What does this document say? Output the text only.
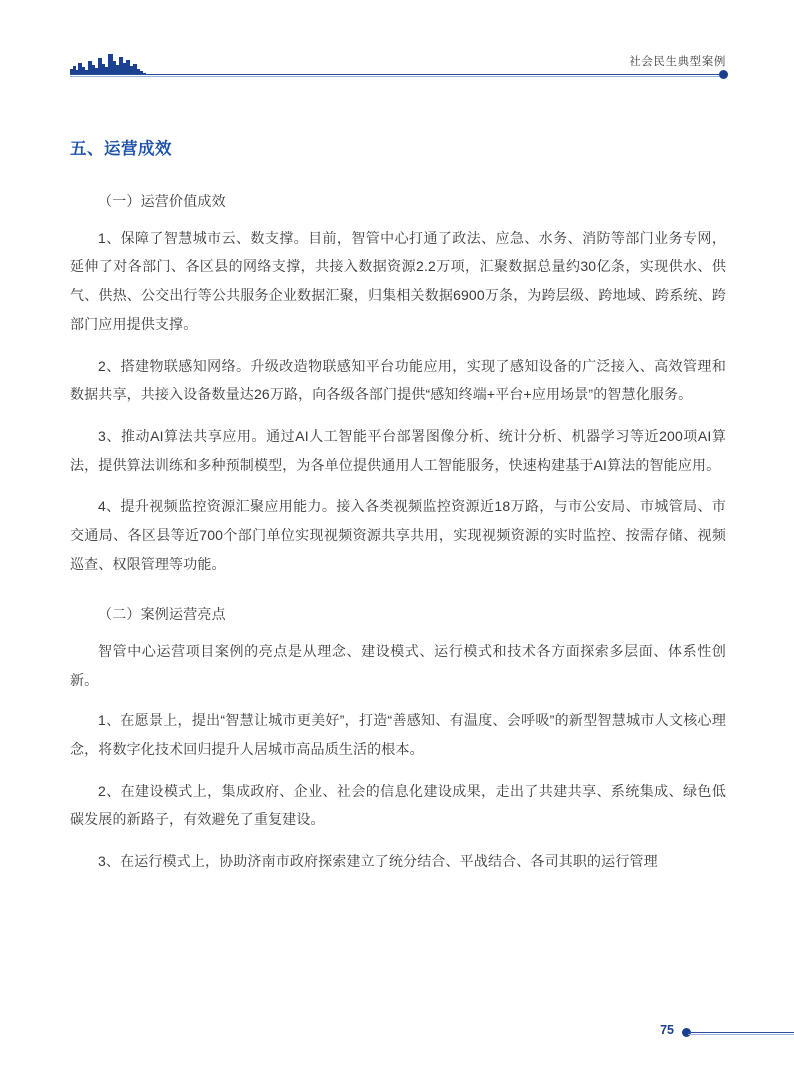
社会民生典型案例
五、运营成效
（一）运营价值成效

1、保障了智慧城市云、数支撑。目前，智管中心打通了政法、应急、水务、消防等部门业务专网，延伸了对各部门、各区县的网络支撑，共接入数据资源2.2万项，汇聚数据总量约30亿条，实现供水、供气、供热、公交出行等公共服务企业数据汇聚，归集相关数据6900万条，为跨层级、跨地域、跨系统、跨部门应用提供支撑。

2、搭建物联感知网络。升级改造物联感知平台功能应用，实现了感知设备的广泛接入、高效管理和数据共享，共接入设备数量达26万路，向各级各部门提供“感知终端+平台+应用场景”的智慧化服务。

3、推动AI算法共享应用。通过AI人工智能平台部署图像分析、统计分析、机器学习等近200项AI算法，提供算法训练和多种预制模型，为各单位提供通用人工智能服务，快速构建基于AI算法的智能应用。

4、提升视频监控资源汇聚应用能力。接入各类视频监控资源近18万路，与市公安局、市城管局、市交通局、各区县等近700个部门单位实现视频资源共享共用，实现视频资源的实时监控、按需存储、视频巡查、权限管理等功能。

（二）案例运营亮点

智管中心运营项目案例的亮点是从理念、建设模式、运行模式和技术各方面探索多层面、体系性创新。

1、在愿景上，提出“智慧让城市更美好”，打造“善感知、有温度、会呼吸”的新型智慧城市人文核心理念，将数字化技术回归提升人居城市高品质生活的根本。

2、在建设模式上，集成政府、企业、社会的信息化建设成果，走出了共建共享、系统集成、绿色低碳发展的新路子，有效避免了重复建设。

3、在运行模式上，协助济南市政府探索建立了统分结合、平战结合、各司其职的运行管理

75
